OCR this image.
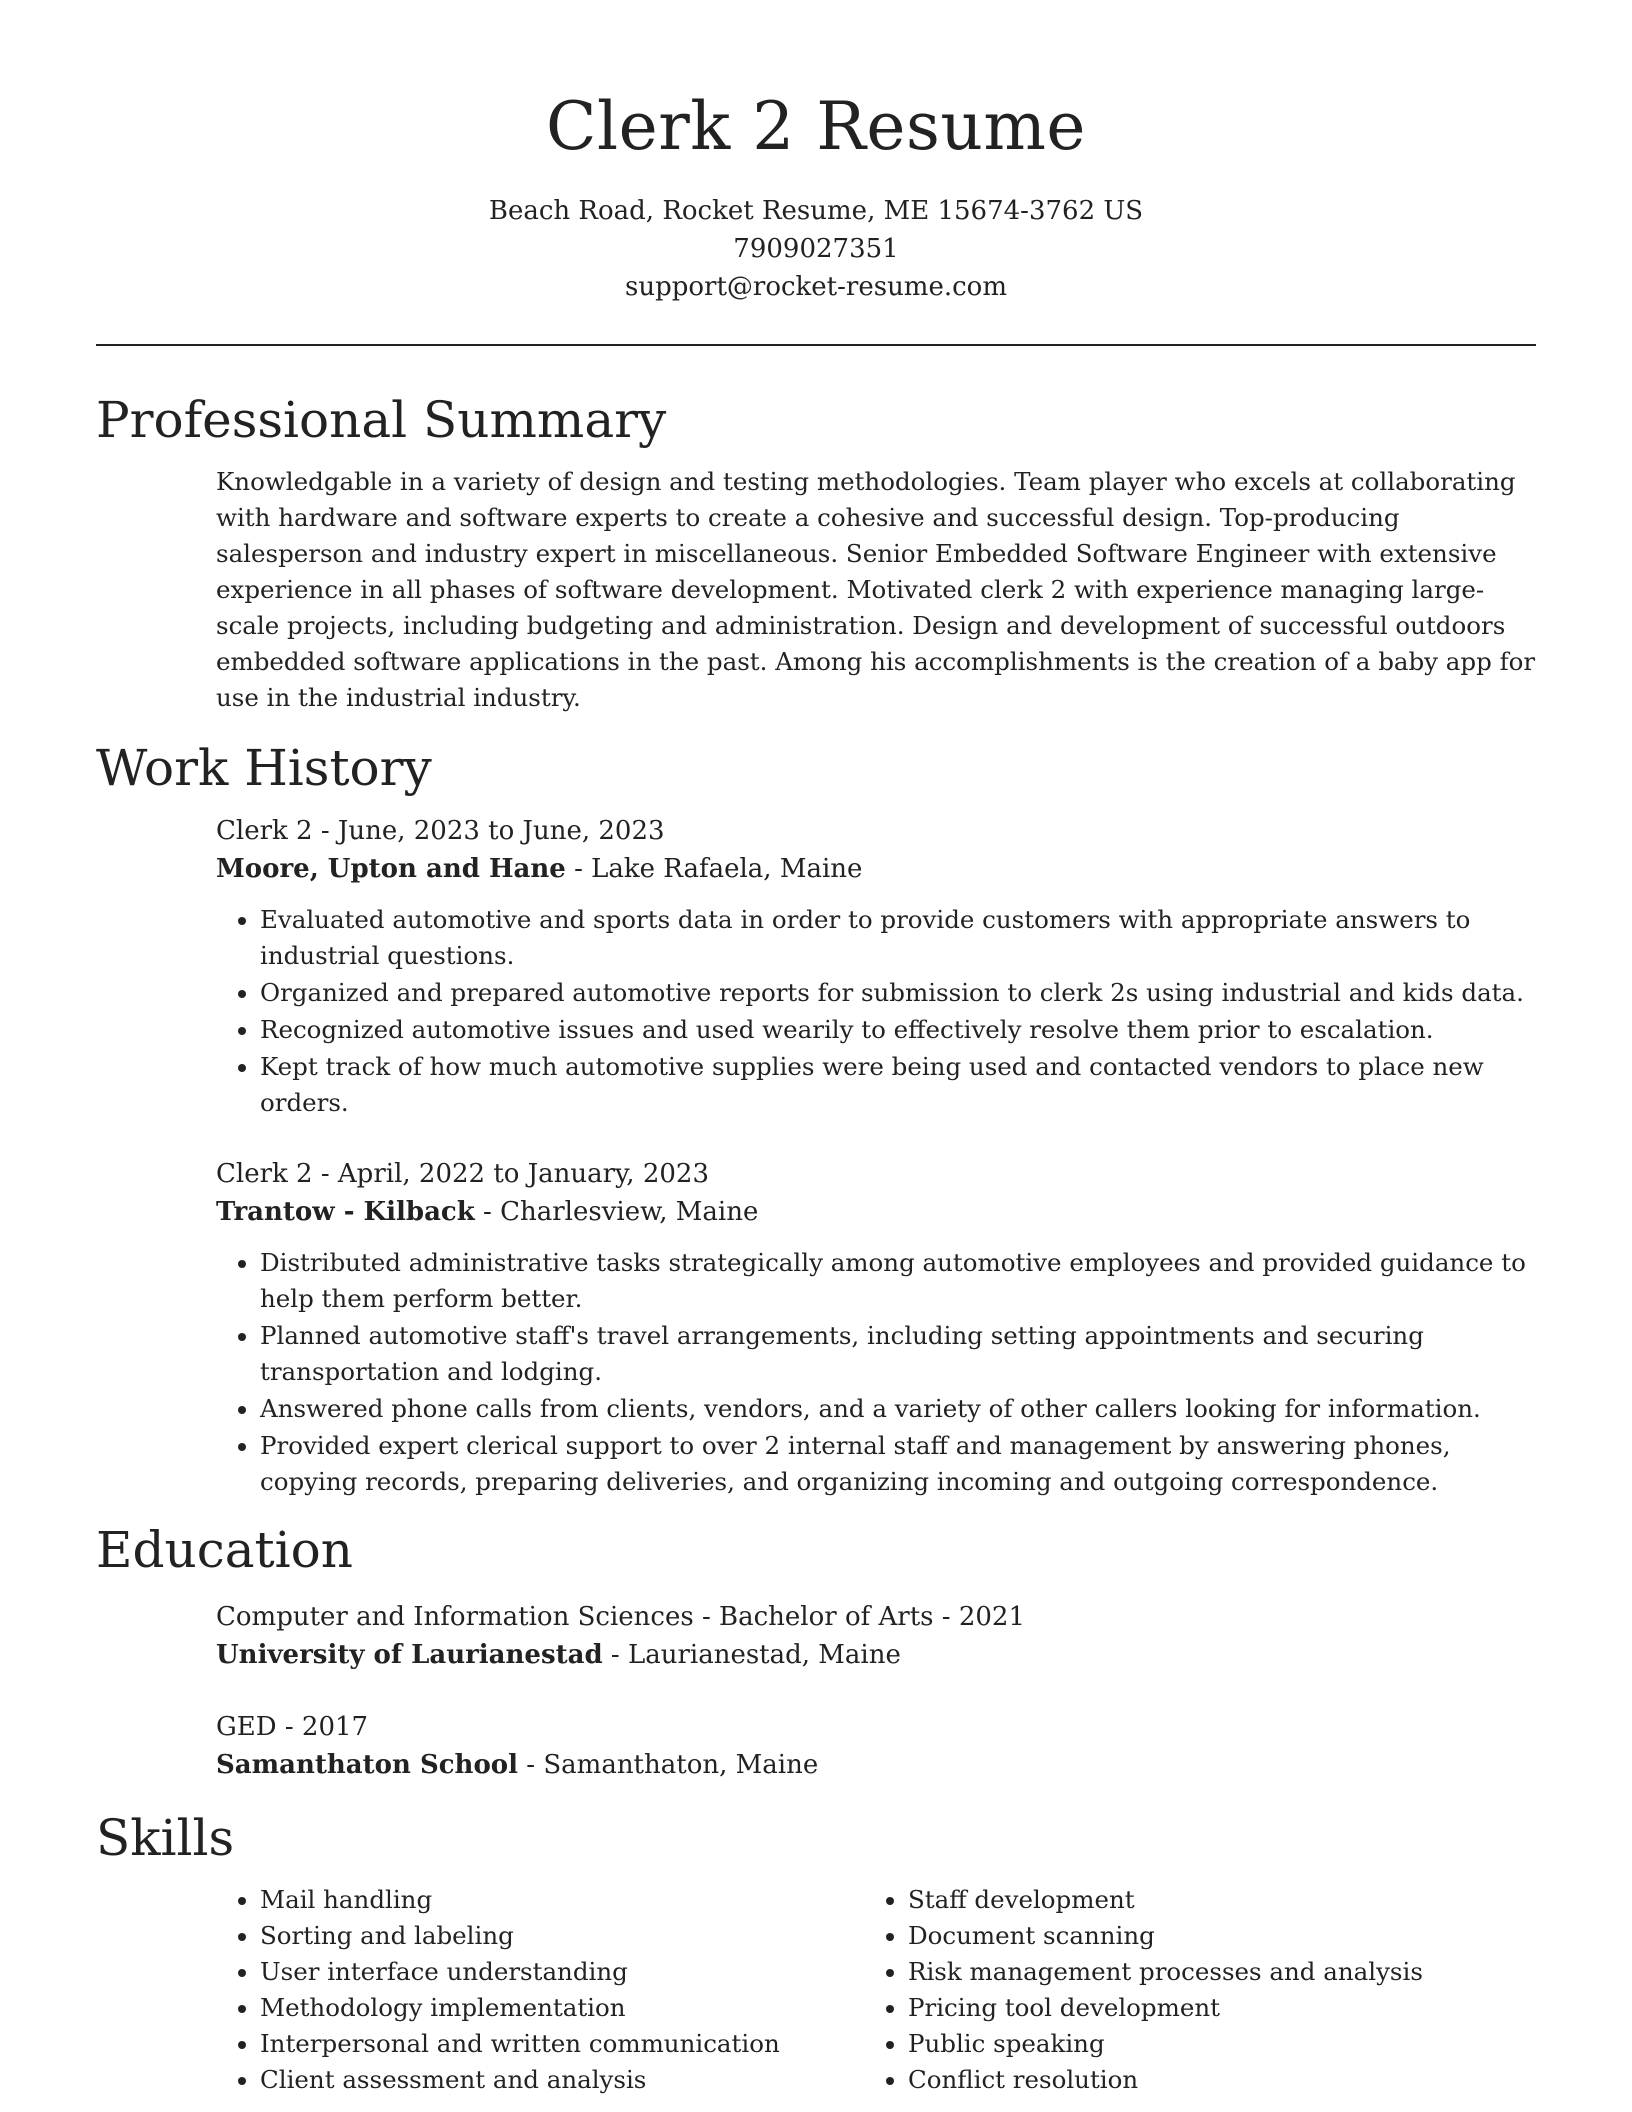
Clerk 2 Resume
Beach Road, Rocket Resume, ME 15674-3762 US
7909027351
support@rocket-resume.com
Professional Summary

Knowledgable in a variety of design and testing methodologies. Team player who excels at collaborating with hardware and software experts to create a cohesive and successful design. Top-producing salesperson and industry expert in miscellaneous. Senior Embedded Software Engineer with extensive experience in all phases of software development. Motivated clerk 2 with experience managing large-scale projects, including budgeting and administration. Design and development of successful outdoors embedded software applications in the past. Among his accomplishments is the creation of a baby app for use in the industrial industry.

Work History

Clerk 2 - June, 2023 to June, 2023

Moore, Upton and Hane - Lake Rafaela, Maine

• Evaluated automotive and sports data in order to provide customers with appropriate answers to industrial questions.
• Organized and prepared automotive reports for submission to clerk 2s using industrial and kids data.
• Recognized automotive issues and used wearily to effectively resolve them prior to escalation.
• Kept track of how much automotive supplies were being used and contacted vendors to place new orders.

Clerk 2 - April, 2022 to January, 2023

Trantow - Kilback - Charlesview, Maine

• Distributed administrative tasks strategically among automotive employees and provided guidance to help them perform better.
• Planned automotive staff's travel arrangements, including setting appointments and securing transportation and lodging.
• Answered phone calls from clients, vendors, and a variety of other callers looking for information.
• Provided expert clerical support to over 2 internal staff and management by answering phones, copying records, preparing deliveries, and organizing incoming and outgoing correspondence.
Education

Computer and Information Sciences - Bachelor of Arts - 2021

University of Laurianestad - Laurianestad, Maine

GED - 2017

Samanthaton School - Samanthaton, Maine

Skills
• Mail handling
• Sorting and labeling
• User interface understanding
• Methodology implementation
• Interpersonal and written communication
• Client assessment and analysis
• Staff development
• Document scanning
• Risk management processes and analysis
• Pricing tool development
• Public speaking
• Conflict resolution
